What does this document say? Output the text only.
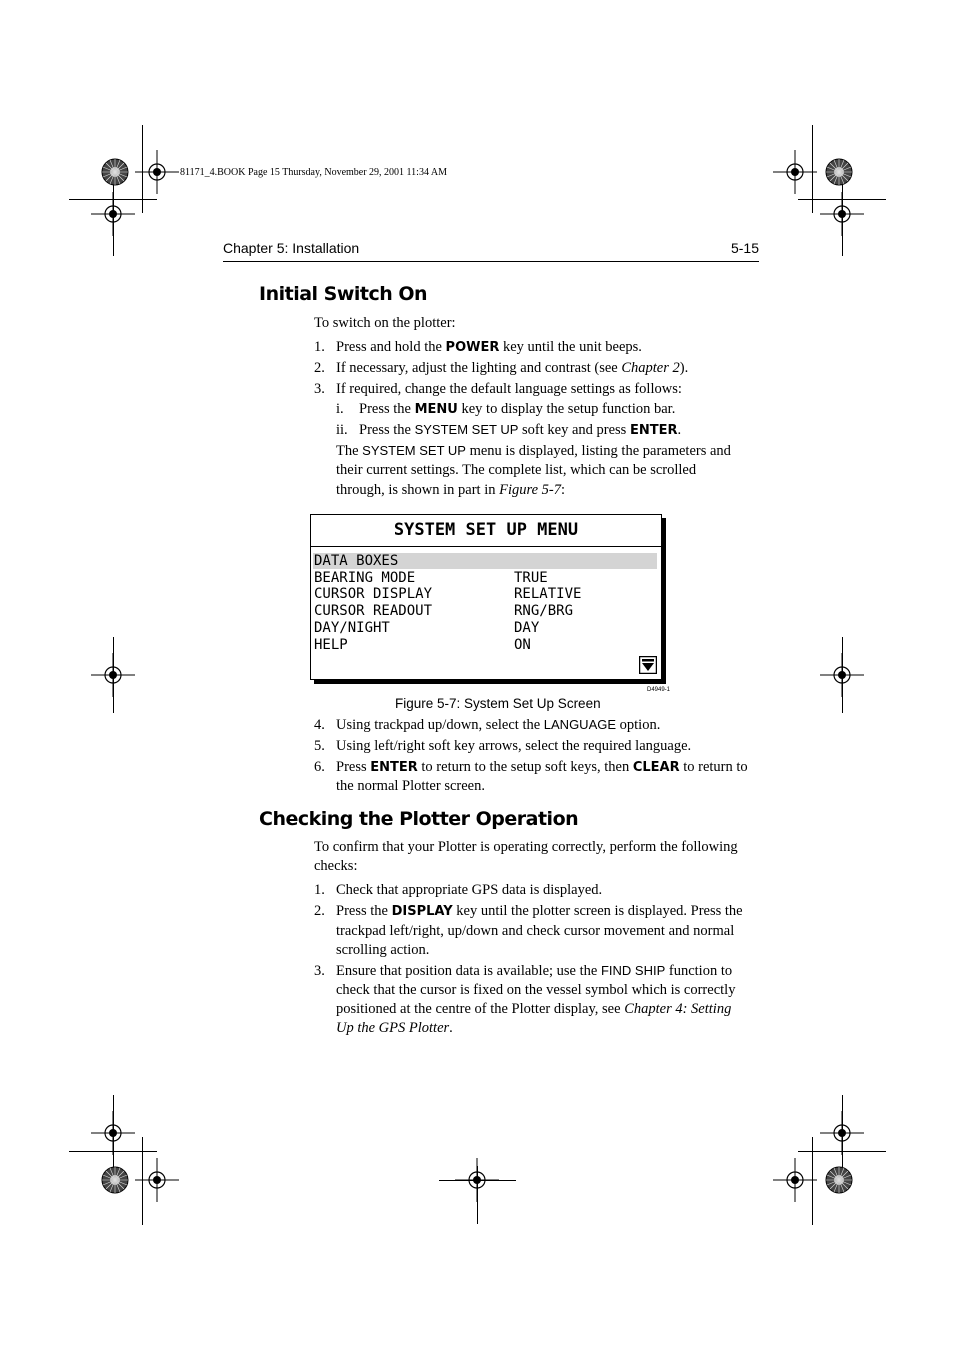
81171_4.BOOK Page 15 Thursday, November 29, 2001 11:34 AM
Chapter 5: Installation	5-15
Initial Switch On
To switch on the plotter:
1. Press and hold the POWER key until the unit beeps.
2. If necessary, adjust the lighting and contrast (see Chapter 2).
3. If required, change the default language settings as follows:
i. Press the MENU key to display the setup function bar.
ii. Press the SYSTEM SET UP soft key and press ENTER.
The SYSTEM SET UP menu is displayed, listing the parameters and
their current settings. The complete list, which can be scrolled
through, is shown in part in Figure 5-7:
SYSTEM SET UP MENU
DATA BOXES
BEARING MODE
CURSOR DISPLAY
CURSOR READOUT
DAY/NIGHT
HELP
TRUE
RELATIVE
RNG/BRG
DAY
ON
D4949-1
Figure 5-7: System Set Up Screen
4. Using trackpad up/down, select the LANGUAGE option.
5. Using left/right soft key arrows, select the required language.
6. Press ENTER to return to the setup soft keys, then CLEAR to return to
the normal Plotter screen.
Checking the Plotter Operation
To confirm that your Plotter is operating correctly, perform the following
checks:
1. Check that appropriate GPS data is displayed.
2. Press the DISPLAY key until the plotter screen is displayed. Press the
trackpad left/right, up/down and check cursor movement and normal
scrolling action.
3. Ensure that position data is available; use the FIND SHIP function to
check that the cursor is fixed on the vessel symbol which is correctly
positioned at the centre of the Plotter display, see Chapter 4: Setting
Up the GPS Plotter.
